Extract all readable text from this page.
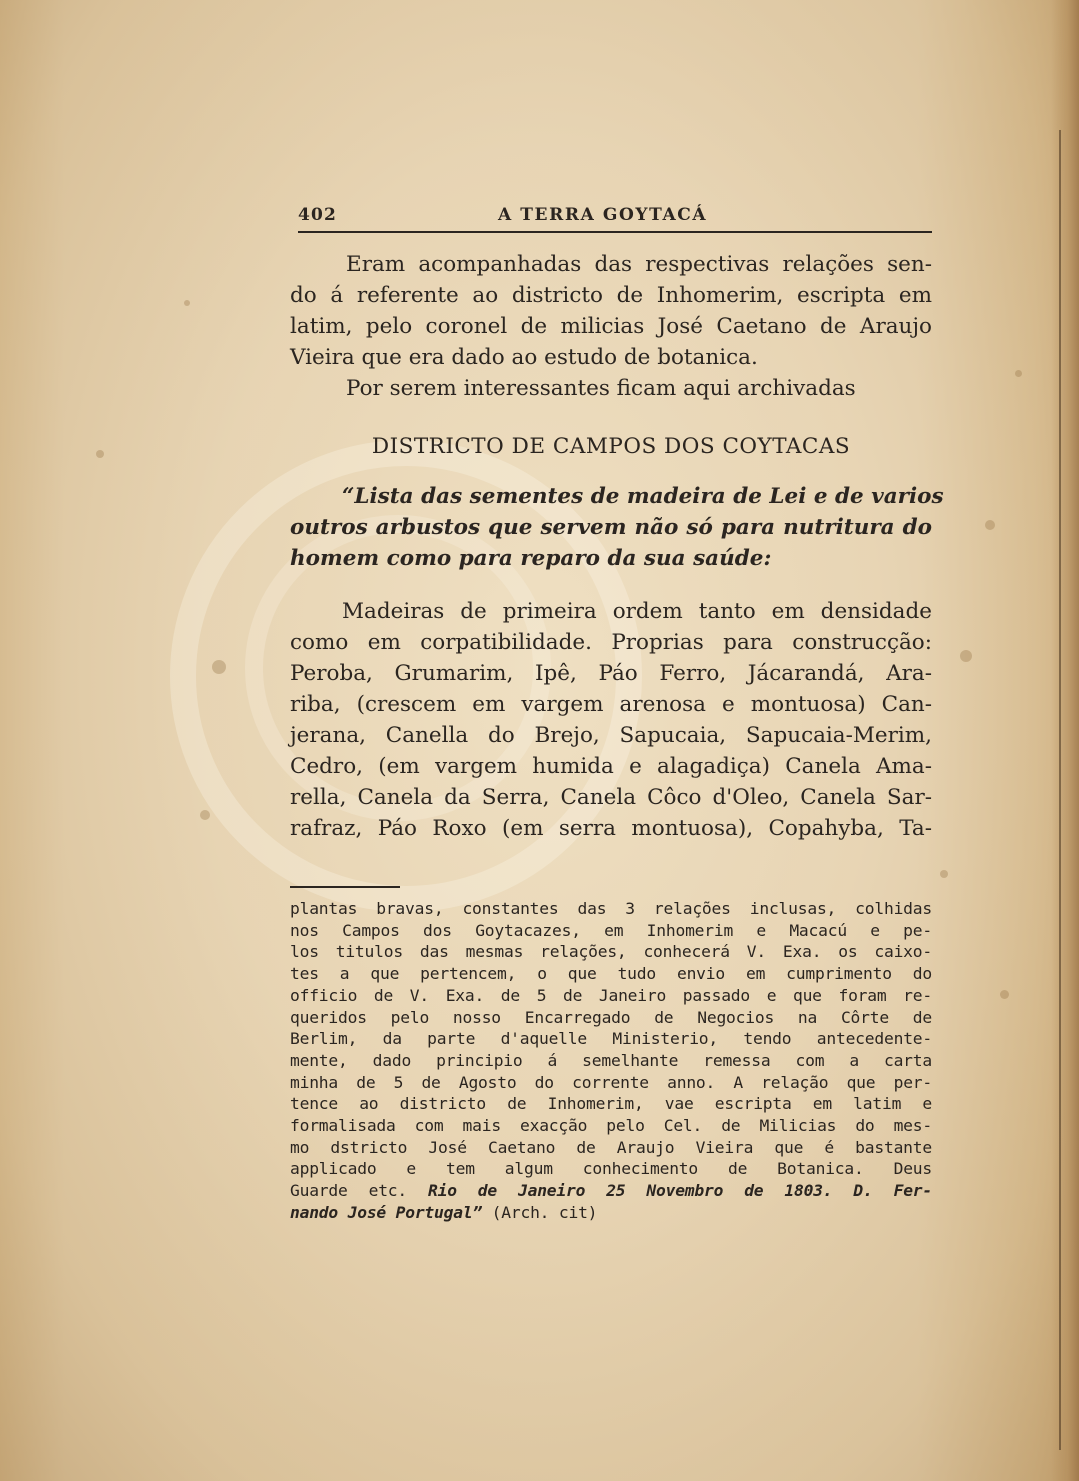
402	A TERRA GOYTACÁ

Eram acompanhadas das respectivas relações sen-
do á referente ao districto de Inhomerim, escripta em
latim, pelo coronel de milicias José Caetano de Araujo
Vieira que era dado ao estudo de botanica.

Por serem interessantes ficam aqui archivadas

DISTRICTO DE CAMPOS DOS COYTACAS

“Lista das sementes de madeira de Lei e de varios
outros arbustos que servem não só para nutritura do
homem como para reparo da sua saúde:

Madeiras de primeira ordem tanto em densidade
como em corpatibilidade. Proprias para construcção:
Peroba, Grumarim, Ipê, Páo Ferro, Jácarandá, Ara-
riba, (crescem em vargem arenosa e montuosa) Can-
jerana, Canella do Brejo, Sapucaia, Sapucaia-Merim,
Cedro, (em vargem humida e alagadiça) Canela Ama-
rella, Canela da Serra, Canela Côco d'Oleo, Canela Sar-
rafraz, Páo Roxo (em serra montuosa), Copahyba, Ta-

plantas bravas, constantes das 3 relações inclusas, colhidas
nos Campos dos Goytacazes, em Inhomerim e Macacú e pe-
los titulos das mesmas relações, conhecerá V. Exa. os caixo-
tes a que pertencem, o que tudo envio em cumprimento do
officio de V. Exa. de 5 de Janeiro passado e que foram re-
queridos pelo nosso Encarregado de Negocios na Côrte de
Berlim, da parte d'aquelle Ministerio, tendo antecedente-
mente, dado principio á semelhante remessa com a carta
minha de 5 de Agosto do corrente anno. A relação que per-
tence ao districto de Inhomerim, vae escripta em latim e
formalisada com mais exacção pelo Cel. de Milicias do mes-
mo dstricto José Caetano de Araujo Vieira que é bastante
applicado e tem algum conhecimento de Botanica. Deus
Guarde etc. Rio de Janeiro 25 Novembro de 1803. D. Fer-
nando José Portugal” (Arch. cit)
